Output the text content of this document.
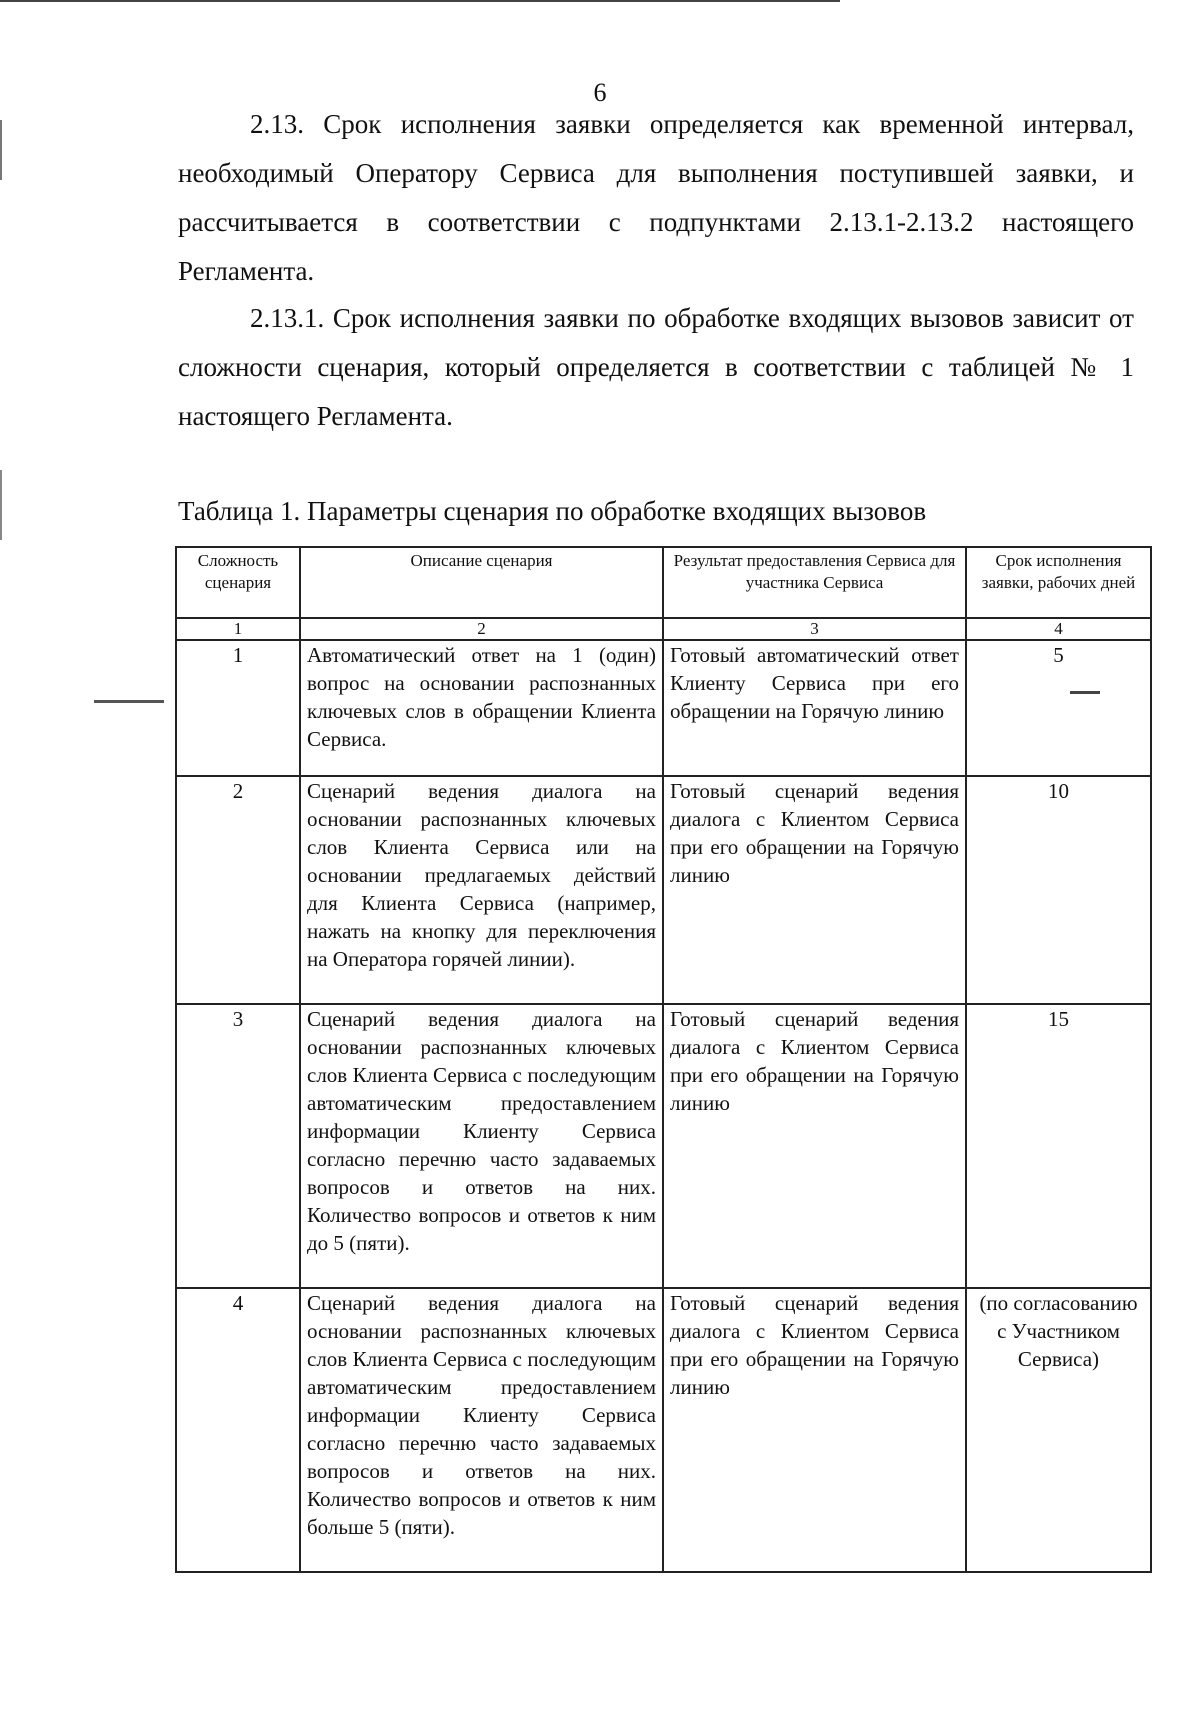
6

2.13. Срок исполнения заявки определяется как временной интервал, необходимый Оператору Сервиса для выполнения поступившей заявки, и рассчитывается в соответствии с подпунктами 2.13.1-2.13.2 настоящего Регламента.

2.13.1. Срок исполнения заявки по обработке входящих вызовов зависит от сложности сценария, который определяется в соответствии с таблицей № 1 настоящего Регламента.

Таблица 1. Параметры сценария по обработке входящих вызовов
Сложность сценария	Описание сценария	Результат предоставления Сервиса для участника Сервиса	Срок исполнения заявки, рабочих дней
1	2	3	4
1	Автоматический ответ на 1 (один) вопрос на основании распознанных ключевых слов в обращении Клиента Сервиса.	Готовый автоматический ответ Клиенту Сервиса при его обращении на Горячую линию	5
2	Сценарий ведения диалога на основании распознанных ключевых слов Клиента Сервиса или на основании предлагаемых действий для Клиента Сервиса (например, нажать на кнопку для переключения на Оператора горячей линии).	Готовый сценарий ведения диалога с Клиентом Сервиса при его обращении на Горячую линию	10
3	Сценарий ведения диалога на основании распознанных ключевых слов Клиента Сервиса с последующим автоматическим предоставлением информации Клиенту Сервиса согласно перечню часто задаваемых вопросов и ответов на них. Количество вопросов и ответов к ним до 5 (пяти).	Готовый сценарий ведения диалога с Клиентом Сервиса при его обращении на Горячую линию	15
4	Сценарий ведения диалога на основании распознанных ключевых слов Клиента Сервиса с последующим автоматическим предоставлением информации Клиенту Сервиса согласно перечню часто задаваемых вопросов и ответов на них. Количество вопросов и ответов к ним больше 5 (пяти).	Готовый сценарий ведения диалога с Клиентом Сервиса при его обращении на Горячую линию	(по согласованию с Участником Сервиса)
